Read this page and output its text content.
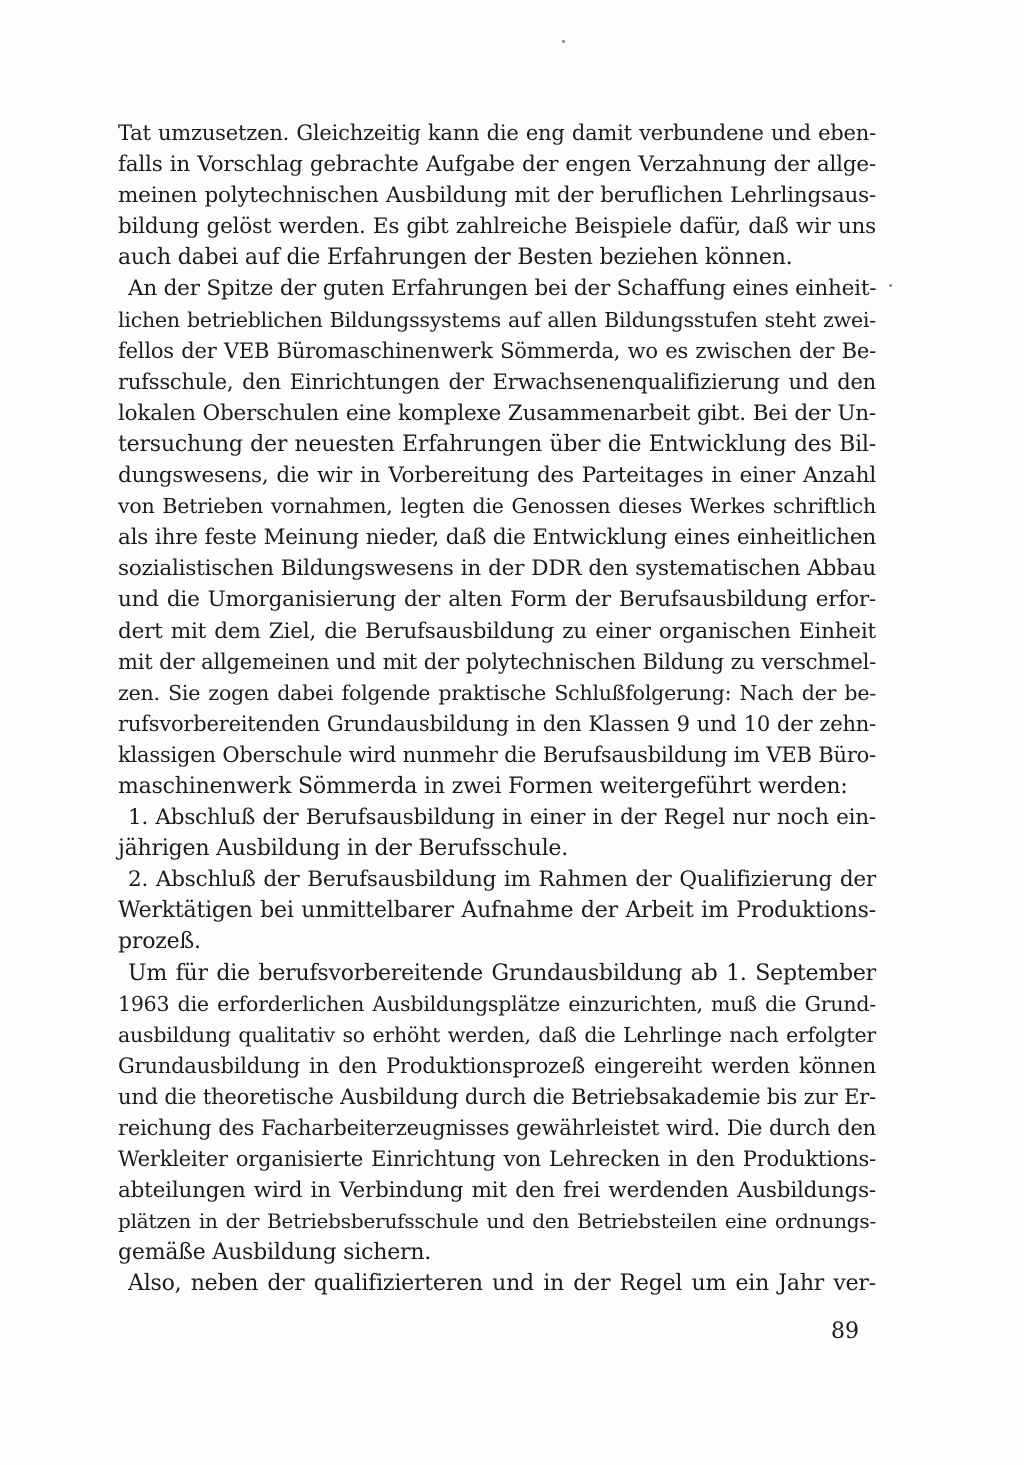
Tat umzusetzen. Gleichzeitig kann die eng damit verbundene und eben-
falls in Vorschlag gebrachte Aufgabe der engen Verzahnung der allge-
meinen polytechnischen Ausbildung mit der beruflichen Lehrlingsaus-
bildung gelöst werden. Es gibt zahlreiche Beispiele dafür, daß wir uns
auch dabei auf die Erfahrungen der Besten beziehen können.
An der Spitze der guten Erfahrungen bei der Schaffung eines einheit-
lichen betrieblichen Bildungssystems auf allen Bildungsstufen steht zwei-
fellos der VEB Büromaschinenwerk Sömmerda, wo es zwischen der Be-
rufsschule, den Einrichtungen der Erwachsenenqualifizierung und den
lokalen Oberschulen eine komplexe Zusammenarbeit gibt. Bei der Un-
tersuchung der neuesten Erfahrungen über die Entwicklung des Bil-
dungswesens, die wir in Vorbereitung des Parteitages in einer Anzahl
von Betrieben vornahmen, legten die Genossen dieses Werkes schriftlich
als ihre feste Meinung nieder, daß die Entwicklung eines einheitlichen
sozialistischen Bildungswesens in der DDR den systematischen Abbau
und die Umorganisierung der alten Form der Berufsausbildung erfor-
dert mit dem Ziel, die Berufsausbildung zu einer organischen Einheit
mit der allgemeinen und mit der polytechnischen Bildung zu verschmel-
zen. Sie zogen dabei folgende praktische Schlußfolgerung: Nach der be-
rufsvorbereitenden Grundausbildung in den Klassen 9 und 10 der zehn-
klassigen Oberschule wird nunmehr die Berufsausbildung im VEB Büro-
maschinenwerk Sömmerda in zwei Formen weitergeführt werden:
1. Abschluß der Berufsausbildung in einer in der Regel nur noch ein-
jährigen Ausbildung in der Berufsschule.
2. Abschluß der Berufsausbildung im Rahmen der Qualifizierung der
Werktätigen bei unmittelbarer Aufnahme der Arbeit im Produktions-
prozeß.
Um für die berufsvorbereitende Grundausbildung ab 1. September
1963 die erforderlichen Ausbildungsplätze einzurichten, muß die Grund-
ausbildung qualitativ so erhöht werden, daß die Lehrlinge nach erfolgter
Grundausbildung in den Produktionsprozeß eingereiht werden können
und die theoretische Ausbildung durch die Betriebsakademie bis zur Er-
reichung des Facharbeiterzeugnisses gewährleistet wird. Die durch den
Werkleiter organisierte Einrichtung von Lehrecken in den Produktions-
abteilungen wird in Verbindung mit den frei werdenden Ausbildungs-
plätzen in der Betriebsberufsschule und den Betriebsteilen eine ordnungs-
gemäße Ausbildung sichern.
Also, neben der qualifizierteren und in der Regel um ein Jahr ver-
89
